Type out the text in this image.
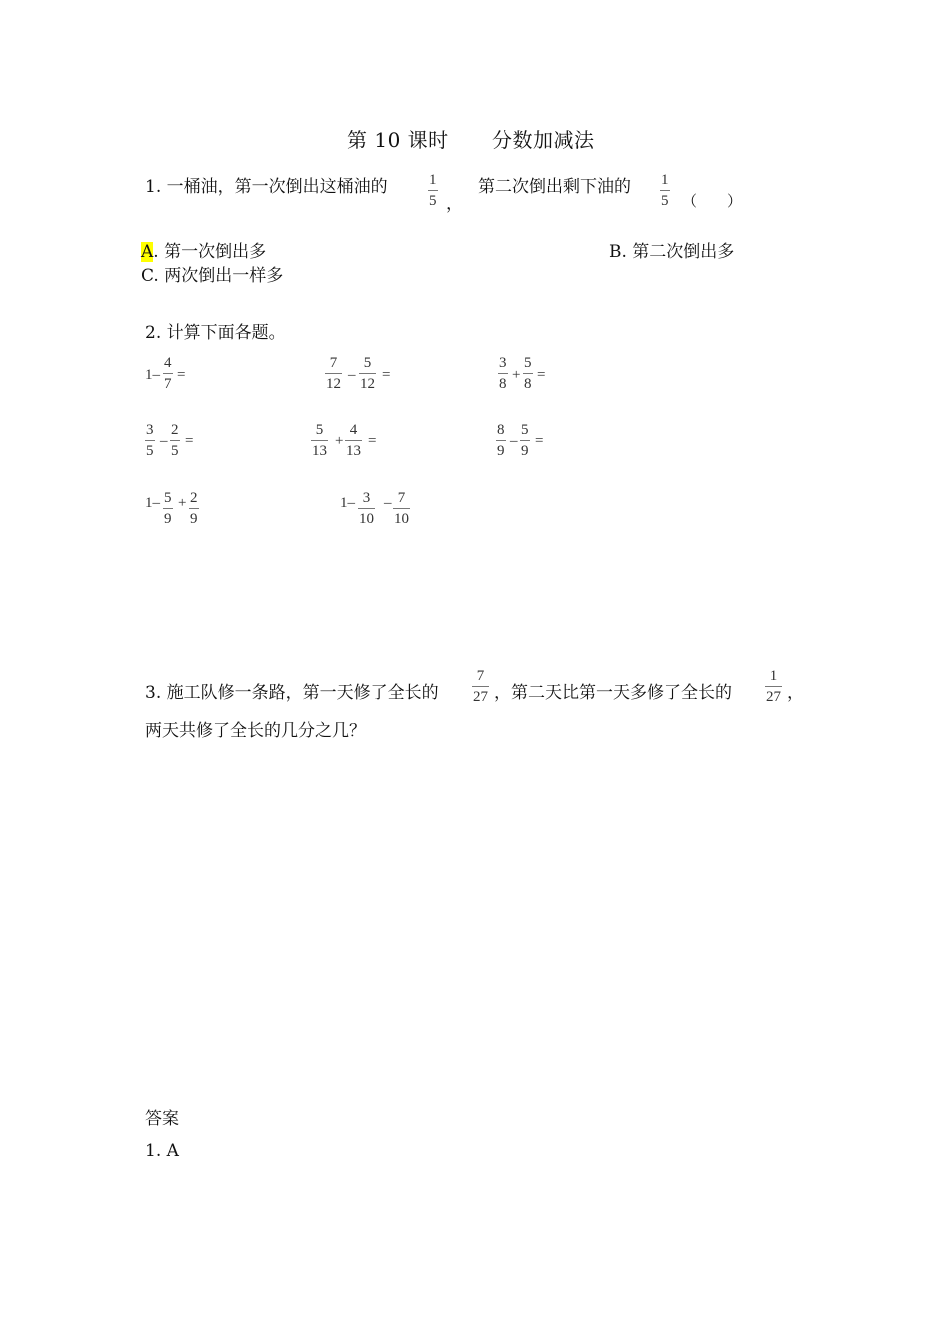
第 10 课时 分数加减法
1. 一桶油，第一次倒出这桶油的	1
5 ，
第二次倒出剩下油的 1
5 （　　）
A. 第一次倒出多	B. 第二次倒出多
C. 两次倒出一样多
2. 计算下面各题。
1–
4
7
=
7
12
–
5
12
=
3
8
+
5
8
=
3
5
–
2
5
=
5
13
+
4
13
=
8
9
–
5
9
=
1– 5
9
+ 2
9
1– 3
10
– 7
10
3. 施工队修一条路，第一天修了全长的
7
27 ，第二天比第一天多修了全长的
1
27 ，
两天共修了全长的几分之几？
答案
1. A
